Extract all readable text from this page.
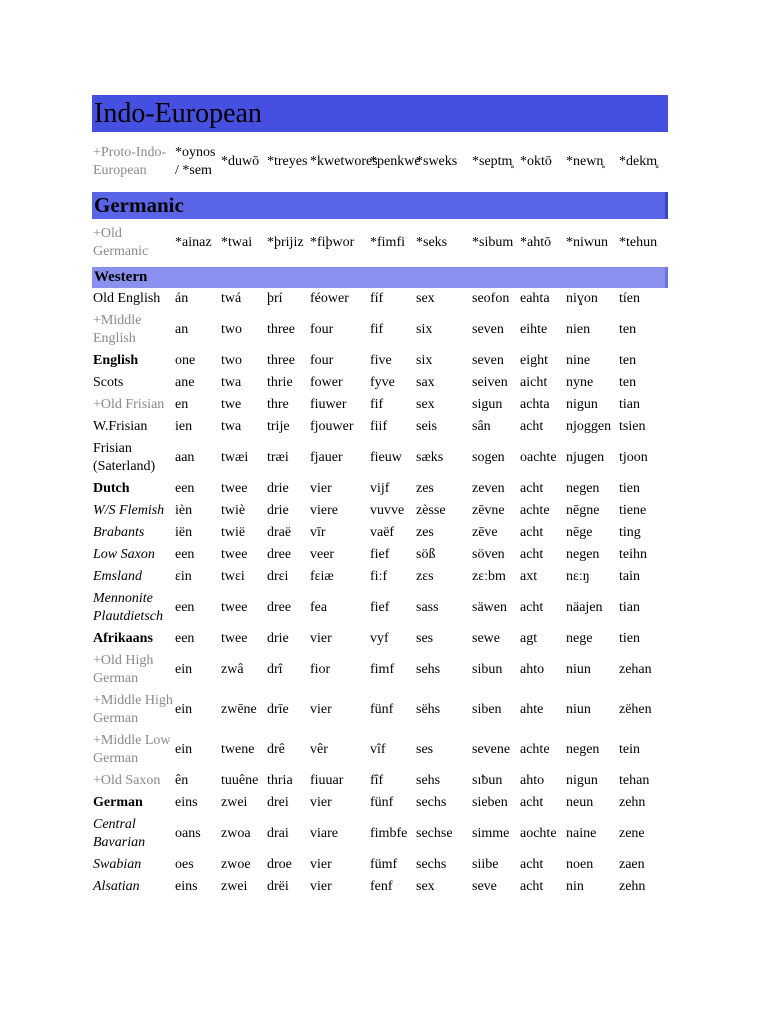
Indo-European
+Proto-Indo-European	*oynos / *sem	*duwō	*treyes	*kwetwores	*penkwe	*sweks	*septm̥	*oktō	*newn̥	*dekm̥
Germanic
+Old Germanic	*ainaz	*twai	*þrijiz	*fiþwor	*fimfi	*seks	*sibum	*ahtō	*niwun	*tehun
Western
Old English	án	twá	þrí	féower	fíf	sex	seofon	eahta	niɣon	tíen
+Middle English	an	two	three	four	fif	six	seven	eihte	nien	ten
English	one	two	three	four	five	six	seven	eight	nine	ten
Scots	ane	twa	thrie	fower	fyve	sax	seiven	aicht	nyne	ten
+Old Frisian	en	twe	thre	fiuwer	fif	sex	sigun	achta	nigun	tian
W.Frisian	ien	twa	trije	fjouwer	fiif	seis	sân	acht	njoggen	tsien
Frisian (Saterland)	aan	twæi	træi	fjauer	fieuw	sæks	sogen	oachte	njugen	tjoon
Dutch	een	twee	drie	vier	vijf	zes	zeven	acht	negen	tien
W/S Flemish	ièn	twiè	drie	viere	vuvve	zèsse	zēvne	achte	nēgne	tiene
Brabants	iën	twië	draë	vīr	vaëf	zes	zēve	acht	nēge	ting
Low Saxon	een	twee	dree	veer	fief	söß	söven	acht	negen	teihn
Emsland	ɛin	twɛi	drɛi	fɛiæ	fiːf	zɛs	zɛːbm	axt	nɛːŋ	tain
Mennonite Plautdietsch	een	twee	dree	fea	fief	sass	säwen	acht	näajen	tian
Afrikaans	een	twee	drie	vier	vyf	ses	sewe	agt	nege	tien
+Old High German	ein	zwâ	drî	fior	fimf	sehs	sibun	ahto	niun	zehan
+Middle High German	ein	zwēne	drīe	vier	fünf	sëhs	siben	ahte	niun	zëhen
+Middle Low German	ein	twene	drê	vêr	vîf	ses	sevene	achte	negen	tein
+Old Saxon	ên	tuuêne	thria	fiuuar	fîf	sehs	sıƀun	ahto	nigun	tehan
German	eins	zwei	drei	vier	fünf	sechs	sieben	acht	neun	zehn
Central Bavarian	oans	zwoa	drai	viare	fimbfe	sechse	simme	aochte	naine	zene
Swabian	oes	zwoe	droe	vier	fümf	sechs	siibe	acht	noen	zaen
Alsatian	eins	zwei	drëi	vier	fenf	sex	seve	acht	nin	zehn
